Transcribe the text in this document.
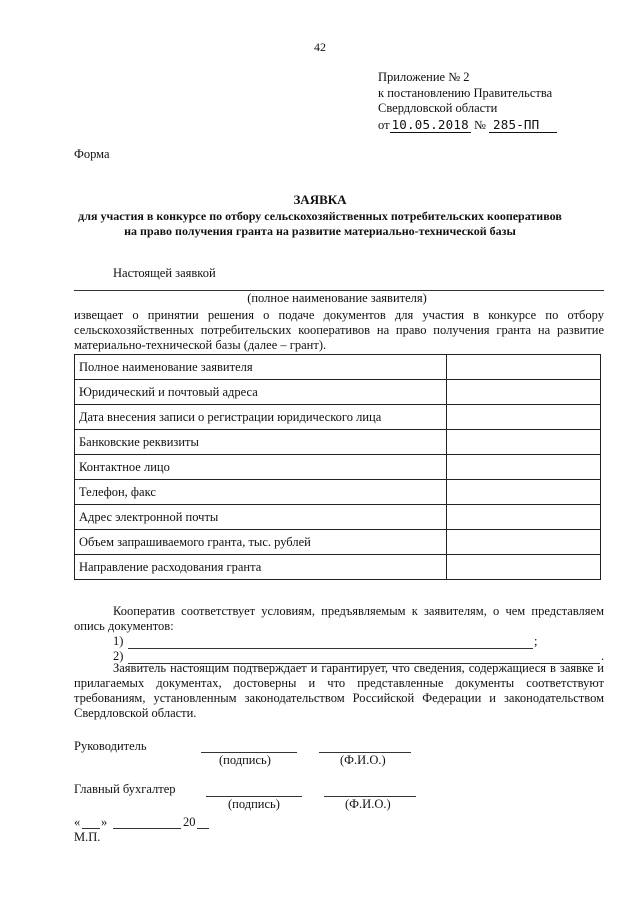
42
Приложение № 2
к постановлению Правительства
Свердловской области
от 10.05.2018 № 285-ПП
Форма
ЗАЯВКА
для участия в конкурсе по отбору сельскохозяйственных потребительских кооперативов
на право получения гранта на развитие материально-технической базы
Настоящей заявкой
(полное наименование заявителя)
извещает о принятии решения о подаче документов для участия в конкурсе по отбору сельскохозяйственных потребительских кооперативов на право получения гранта на развитие материально-технической базы (далее – грант).
Полное наименование заявителя	
Юридический и почтовый адреса	
Дата внесения записи о регистрации юридического лица	
Банковские реквизиты	
Контактное лицо	
Телефон, факс	
Адрес электронной почты	
Объем запрашиваемого гранта, тыс. рублей	
Направление расходования гранта	
Кооператив соответствует условиям, предъявляемым к заявителям, о чем представляем опись документов:
1)	;
2)	.
Заявитель настоящим подтверждает и гарантирует, что сведения, содержащиеся в заявке и прилагаемых документах, достоверны и что представленные документы соответствуют требованиям, установленным законодательством Российской Федерации и законодательством Свердловской области.
Руководитель
(подпись)	(Ф.И.О.)
Главный бухгалтер
(подпись)	(Ф.И.О.)
« »	20
М.П.
